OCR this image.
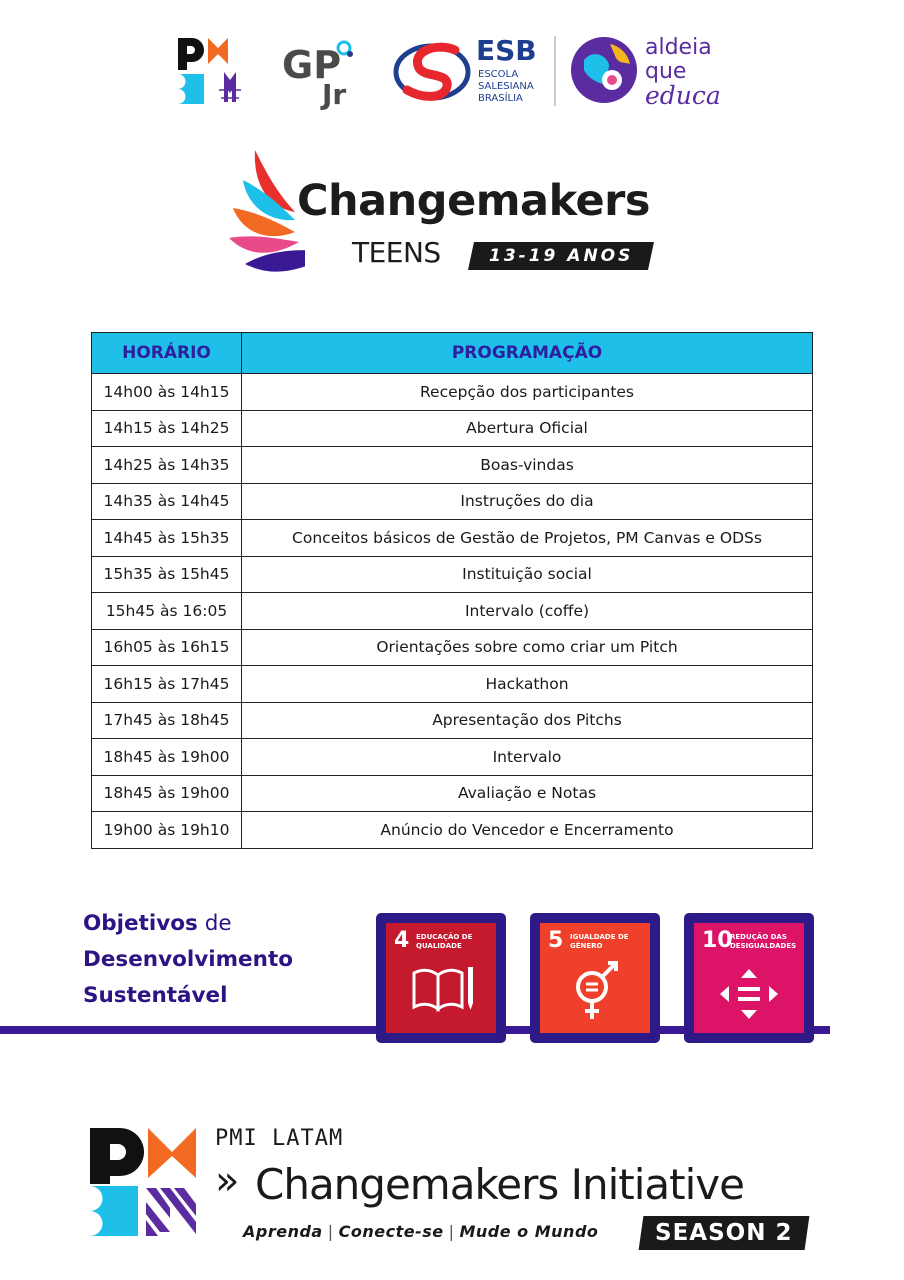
GP
Jr
ESB
ESCOLA
SALESIANA
BRASÍLIA
aldeia
que
educa
Changemakers
TEENS	13-19 ANOS
HORÁRIO	PROGRAMAÇÃO
14h00 às 14h15	Recepção dos participantes
14h15 às 14h25	Abertura Oficial
14h25 às 14h35	Boas-vindas
14h35 às 14h45	Instruções do dia
14h45 às 15h35	Conceitos básicos de Gestão de Projetos, PM Canvas e ODSs
15h35 às 15h45	Instituição social
15h45 às 16:05	Intervalo (coffe)
16h05 às 16h15	Orientações sobre como criar um Pitch
16h15 às 17h45	Hackathon
17h45 às 18h45	Apresentação dos Pitchs
18h45 às 19h00	Intervalo
18h45 às 19h00	Avaliação e Notas
19h00 às 19h10	Anúncio do Vencedor e Encerramento
Objetivos de
Desenvolvimento
Sustentável
4 EDUCAÇÃO DE QUALIDADE	5 IGUALDADE DE GÊNERO	10
REDUÇÃO DAS DESIGUALDADES
PMI LATAM
» Changemakers Initiative
Aprenda | Conecte-se | Mude o Mundo SEASON 2
